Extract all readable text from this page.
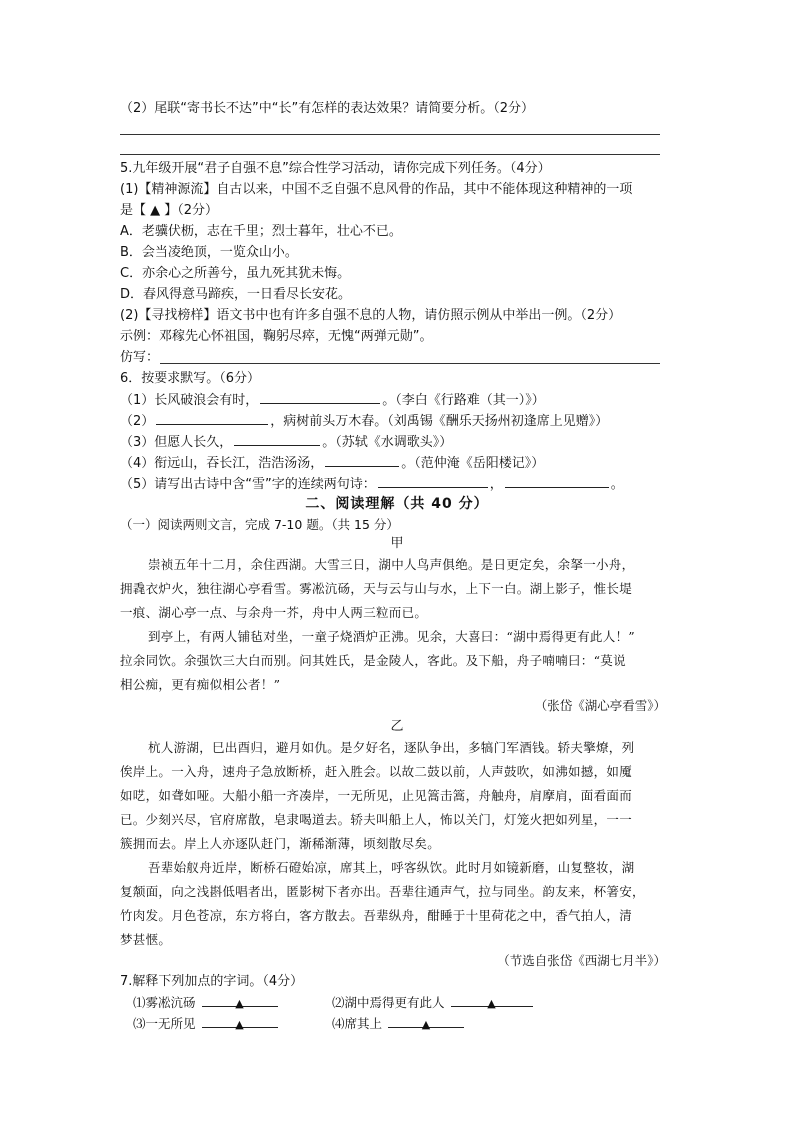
（2）尾联“寄书长不达”中“长”有怎样的表达效果？请简要分析。（2分）
5.九年级开展“君子自强不息”综合性学习活动，请你完成下列任务。（4分）
(1)【精神源流】自古以来，中国不乏自强不息风骨的作品，其中不能体现这种精神的一项
是【 ▲ 】（2分）
A．老骥伏枥，志在千里；烈士暮年，壮心不已。
B．会当凌绝顶，一览众山小。
C．亦余心之所善兮，虽九死其犹未悔。
D．春风得意马蹄疾，一日看尽长安花。
(2)【寻找榜样】语文书中也有许多自强不息的人物，请仿照示例从中举出一例。（2分）
示例：邓稼先心怀祖国，鞠躬尽瘁，无愧“两弹元勋”。
仿写：
6．按要求默写。（6分）
（1）长风破浪会有时，	。（李白《行路难（其一）》）
（2）	，病树前头万木春。（刘禹锡《酬乐天扬州初逢席上见赠》）
（3）但愿人长久，	。（苏轼《水调歌头》）
（4）衔远山，吞长江，浩浩汤汤，	。（范仲淹《岳阳楼记》）
（5）请写出古诗中含“雪”字的连续两句诗：	，	。
二、阅读理解（共 40 分）
（一）阅读两则文言，完成 7-10 题。（共 15 分）
甲
崇祯五年十二月，余住西湖。大雪三日，湖中人鸟声俱绝。是日更定矣，余拏一小舟，
拥毳衣炉火，独往湖心亭看雪。雾凇沆砀，天与云与山与水，上下一白。湖上影子，惟长堤
一痕、湖心亭一点、与余舟一芥，舟中人两三粒而已。
到亭上，有两人铺毡对坐，一童子烧酒炉正沸。见余，大喜曰：“湖中焉得更有此人！”
拉余同饮。余强饮三大白而别。问其姓氏，是金陵人，客此。及下船，舟子喃喃曰：“莫说
相公痴，更有痴似相公者！”
（张岱《湖心亭看雪》）
乙
杭人游湖，巳出酉归，避月如仇。是夕好名，逐队争出，多犒门军酒钱。轿夫擎燎，列
俟岸上。一入舟，速舟子急放断桥，赶入胜会。以故二鼓以前，人声鼓吹，如沸如撼，如魇
如呓，如聋如哑。大船小船一齐凑岸，一无所见，止见篙击篙，舟触舟，肩摩肩，面看面而
已。少刻兴尽，官府席散，皂隶喝道去。轿夫叫船上人，怖以关门，灯笼火把如列星，一一
簇拥而去。岸上人亦逐队赶门，渐稀渐薄，顷刻散尽矣。
吾辈始舣舟近岸，断桥石磴始凉，席其上，呼客纵饮。此时月如镜新磨，山复整妆，湖
复颒面，向之浅斟低唱者出，匿影树下者亦出。吾辈往通声气，拉与同坐。韵友来，杯箸安，
竹肉发。月色苍凉，东方将白，客方散去。吾辈纵舟，酣睡于十里荷花之中，香气拍人，清
梦甚惬。
（节选自张岱《西湖七月半》）
7.解释下列加点的字词。（4分）
⑴雾凇沆砀	▲	⑵湖中焉得更有此人	▲
⑶一无所见	▲	⑷席其上	▲
